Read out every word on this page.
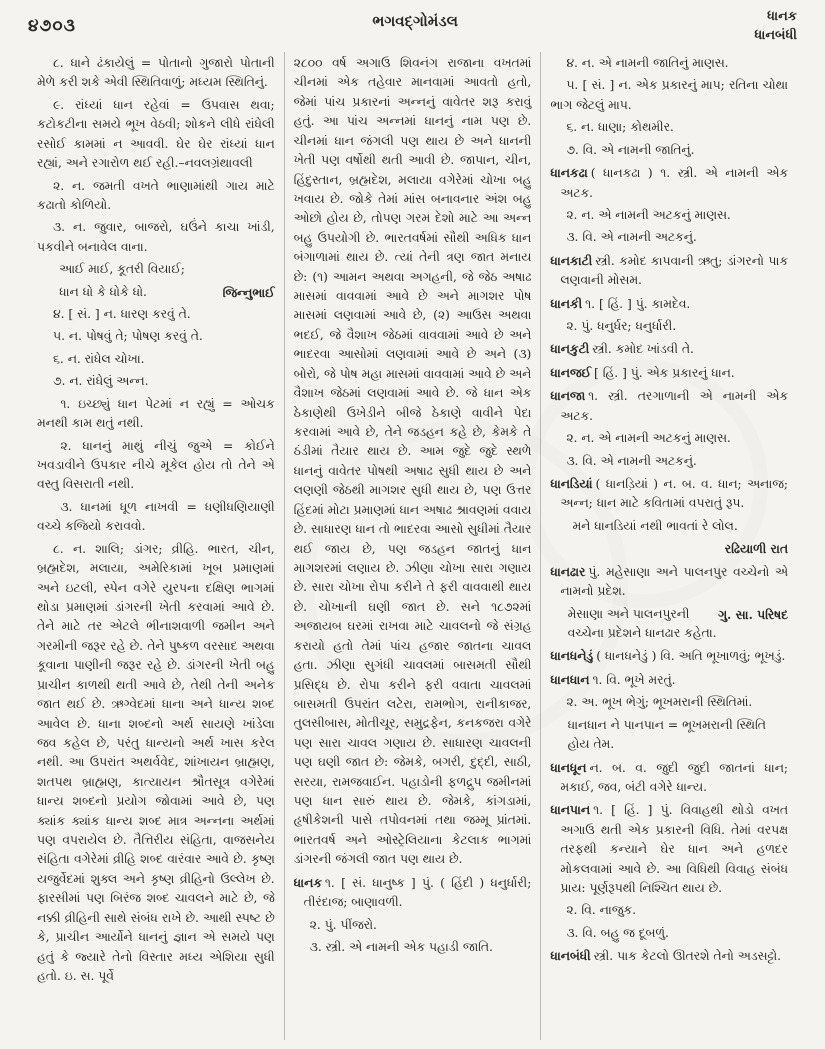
૪૭૦૩	ભગવદ્ગોમંડલ	ધાનક
ધાનબંધી

૮. ધાને ઢંકાયેલું = પોતાનો ગુજારો પોતાની મેળે કરી શકે એવી સ્થિતિવાળું; મધ્યમ સ્થિતિનું.

૯. રાંધ્યાં ધાન રહેવાં = ઉપવાસ થવા; કટોકટીના સમયે ભૂખ વેઠવી; શોકને લીધે રાંધેલી રસોઈ કામમાં ન આવવી. ઘેર ઘેર રાંધ્યાં ધાન રહ્યાં, અને રગારોળ થઈ રહી.–નવલગ્રંથાવલી

૨. ન. જમતી વખતે ભાણામાંથી ગાય માટે કઢાતો કોળિયો.

૩. ન. જુવાર, બાજરો, ઘઉંને કાચા ખાંડી, પકવીને બનાવેલ વાના.

આઈ માઈ, કૂતરી વિયાઈ;

જિન્નુભાઈ
ધાન ધો કે ધોકે ધો.

૪. [ સં. ] ન. ધારણ કરવું તે.

૫. ન. પોષવું તે; પોષણ કરવું તે.

૬. ન. રાંધેલ ચોખા.

૭. ન. રાંધેલું અન્ન.

૧. ઇચ્છ્યું ધાન પેટમાં ન રહ્યું = ઓચક મનથી કામ થતું નથી.

૨. ધાનનું માથું નીચું જુએ = કોઈને ખવડાવીને ઉપકાર નીચે મૂકેલ હોય તો તેને એ વસ્તુ વિસરાતી નથી.

૩. ધાનમાં ધૂળ નાખવી = ધણીધણિયાણી વચ્ચે કજિયો કરાવવો.

૮. ન. શાલિ; ડાંગર; વ્રીહિ. ભારત, ચીન, બ્રહ્મદેશ, મલાયા, અમેરિકામાં ખૂબ પ્રમાણમાં અને ઇટલી, સ્પેન વગેરે યુરપના દક્ષિણ ભાગમાં થોડા પ્રમાણમાં ડાંગરની ખેતી કરવામાં આવે છે. તેને માટે તર એટલે ભીનાશવાળી જમીન અને ગરમીની જરૂર રહે છે. તેને પુષ્કળ વરસાદ અથવા કૂવાના પાણીની જરૂર રહે છે. ડાંગરની ખેતી બહુ પ્રાચીન કાળથી થતી આવે છે, તેથી તેની અનેક જાત થઈ છે. ઋગ્વેદમાં ધાના અને ધાન્ય શબ્દ આવેલ છે. ધાના શબ્દનો અર્થ સાયણે ખાંડેલા જવ કહેલ છે, પરંતુ ધાન્યનો અર્થ ખાસ કરેલ નથી. આ ઉપરાંત અથર્વવેદ, શાંખાયન બ્રાહ્મણ, શતપથ બ્રાહ્મણ, કાત્યાયન શ્રૌતસૂત્ર વગેરેમાં ધાન્ય શબ્દનો પ્રયોગ જોવામાં આવે છે, પણ ક્યાંક ક્યાંક ધાન્ય શબ્દ માત્ર અન્નના અર્થમાં પણ વપરાયેલ છે. તૈત્તિરીય સંહિતા, વાજસનેય સંહિતા વગેરેમાં વ્રીહિ શબ્દ વારંવાર આવે છે. કૃષ્ણ યજુર્વેદમાં શુક્લ અને કૃષ્ણ વ્રીહિનો ઉલ્લેખ છે. ફારસીમાં પણ બિરંજ શબ્દ ચાવલને માટે છે, જે નક્કી વ્રીહિની સાથે સંબંધ રાખે છે. આથી સ્પષ્ટ છે કે, પ્રાચીન આર્યોને ધાનનું જ્ઞાન એ સમયે પણ હતું કે જ્યારે તેનો વિસ્તાર મધ્ય એશિયા સુધી હતો. ઇ. સ. પૂર્વે

૨૮૦૦ વર્ષ અગાઉ શિવનંગ રાજાના વખતમાં ચીનમાં એક તહેવાર માનવામાં આવતો હતો, જેમાં પાંચ પ્રકારનાં અન્નનું વાવેતર શરૂ કરાવું હતું. આ પાંચ અન્નમાં ધાનનું નામ પણ છે. ચીનમાં ધાન જંગલી પણ થાય છે અને ધાનની ખેતી પણ વર્ષોથી થતી આવી છે. જાપાન, ચીન, હિંદુસ્તાન, બ્રહ્મદેશ, મલાયા વગેરેમાં ચોખા બહુ ખવાય છે. જોકે તેમાં માંસ બનાવનાર અંશ બહુ ઓછો હોય છે, તોપણ ગરમ દેશો માટે આ અન્ન બહુ ઉપયોગી છે. ભારતવર્ષમાં સૌથી અધિક ધાન બંગાળામાં થાય છે. ત્યાં તેની ત્રણ જાત મનાય છે: (૧) આમન અથવા અગહની, જે જેઠ અષાઢ માસમાં વાવવામાં આવે છે અને માગશર પોષ માસમાં લણવામાં આવે છે, (૨) આઉસ અથવા ભદઈ, જે વૈશાખ જેઠમાં વાવવામાં આવે છે અને ભાદરવા આસોમાં લણવામાં આવે છે અને (૩) બોરો, જે પોષ મહા માસમાં વાવવામાં આવે છે અને વૈશાખ જેઠમાં લણવામાં આવે છે. જે ધાન એક ઠેકાણેથી ઉખેડીને બીજે ઠેકાણે વાવીને પેદા કરવામાં આવે છે, તેને જડહન કહે છે, કેમકે તે ઠંડીમાં તૈયાર થાય છે. આમ જુદે જુદે સ્થળે ધાનનું વાવેતર પોષથી અષાઢ સુધી થાય છે અને લણણી જેઠથી માગશર સુધી થાય છે, પણ ઉત્તર હિંદમાં મોટા પ્રમાણમાં ધાન અષાઢ શ્રાવણમાં વવાય છે. સાધારણ ધાન તો ભાદરવા આસો સુધીમાં તૈયાર થઈ જાય છે, પણ જડહન જાતનું ધાન માગશરમાં લણાય છે. ઝીણા ચોખા સારા ગણાય છે. સારા ચોખા રોપા કરીને તે ફરી વાવવાથી થાય છે. ચોખાની ઘણી જાત છે. સને ૧૮૭૨માં અજાયબ ઘરમાં રાખવા માટે ચાવલનો જે સંગ્રહ કરાયો હતો તેમાં પાંચ હજાર જાતના ચાવલ હતા. ઝીણા સુગંધી ચાવલમાં બાસમતી સૌથી પ્રસિદ્ધ છે. રોપા કરીને ફરી વવાતા ચાવલમાં બાસમતી ઉપરાંત લટેરા, રામભોગ, રાનીકાજર, તુલસીબાસ, મોતીચૂર, સમુદ્રફેન, કનકજરા વગેરે પણ સારા ચાવલ ગણાય છે. સાધારણ ચાવલની પણ ઘણી જાત છે: જેમકે, બગરી, દુદ્દી, સાઠી, સરયા, રામજવાઈન. પહાડોની ફળદ્રુપ જમીનમાં પણ ધાન સારું થાય છે. જેમકે, કાંગડામાં, હૃષીકેશની પાસે તપોવનમાં તથા જમ્મૂ પ્રાંતમાં. ભારતવર્ષ અને ઓસ્ટ્રેલિયાના કેટલાક ભાગમાં ડાંગરની જંગલી જાત પણ થાય છે.

ધાનક ૧. [ સં. ધાનુષ્ક ] પું. ( હિંદી ) ધનુર્ધારી; તીરંદાજ; બાણાવળી.

૨. પું. પીંજરો.

૩. સ્ત્રી. એ નામની એક પહાડી જાતિ.

૪. ન. એ નામની જાતિનું માણસ.

૫. [ સં. ] ન. એક પ્રકારનું માપ; રતિના ચોથા ભાગ જેટલું માપ.

૬. ન. ધાણા; કોથમીર.

૭. વિ. એ નામની જાતિનું.

ધાનકઢા ( ધાનકઢા ) ૧. સ્ત્રી. એ નામની એક અટક.

૨. ન. એ નામની અટકનું માણસ.

૩. વિ. એ નામની અટકનું.

ધાનકાટી સ્ત્રી. કમોદ કાપવાની ઋતુ; ડાંગરનો પાક લણવાની મોસમ.

ધાનકી ૧. [ હિં. ] પું. કામદેવ.

૨. પું. ધનુર્ધર; ધનુર્ધારી.

ધાનકુટી સ્ત્રી. કમોદ ખાંડવી તે.

ધાનજઈ [ હિં. ] પું. એક પ્રકારનું ધાન.

ધાનજા ૧. સ્ત્રી. તરગાળાની એ નામની એક અટક.

૨. ન. એ નામની અટકનું માણસ.

૩. વિ. એ નામની અટકનું.

ધાનડિયાં ( ધાનડ઼િયાં ) ન. બ. વ. ધાન; અનાજ; અન્ન; ધાન માટે કવિતામાં વપરાતું રૂપ.

મને ધાનડિયાં નથી ભાવતાં રે લોલ.

રઢિયાળી રાત

ધાનઢાર પું. મહેસાણા અને પાલનપુર વચ્ચેનો એ નામનો પ્રદેશ.

ગુ. સા. પરિષદ
મેસાણા અને પાલનપુરની વચ્ચેના પ્રદેશને ધાનઢાર કહેતા.

ધાનધનેડું ( ધાનધનેડું ) વિ. અતિ ભૂખાળવું; ભૂખડું.

ધાનધાન ૧. વિ. ભૂખે મરતું.

૨. અ. ભૂખ ભેગું; ભૂખમરાની સ્થિતિમાં.

ધાનધાન ને પાનપાન = ભૂખમરાની સ્થિતિ હોય તેમ.

ધાનધૂન ન. બ. વ. જુદી જુદી જાતનાં ધાન; મકાઈ, જવ, બંટી વગેરે ધાન્ય.

ધાનપાન ૧. [ હિં. ] પું. વિવાહથી થોડો વખત અગાઉ થતી એક પ્રકારની વિધિ. તેમાં વરપક્ષ તરફથી કન્યાને ઘેર ધાન અને હળદર મોકલવામાં આવે છે. આ વિધિથી વિવાહ સંબંધ પ્રાય: પૂર્ણરૂપથી નિશ્ચિત થાય છે.

૨. વિ. નાજુક.

૩. વિ. બહુ જ દૂબળું.

ધાનબંધી સ્ત્રી. પાક કેટલો ઊતરશે તેનો અડસટ્ટો.
